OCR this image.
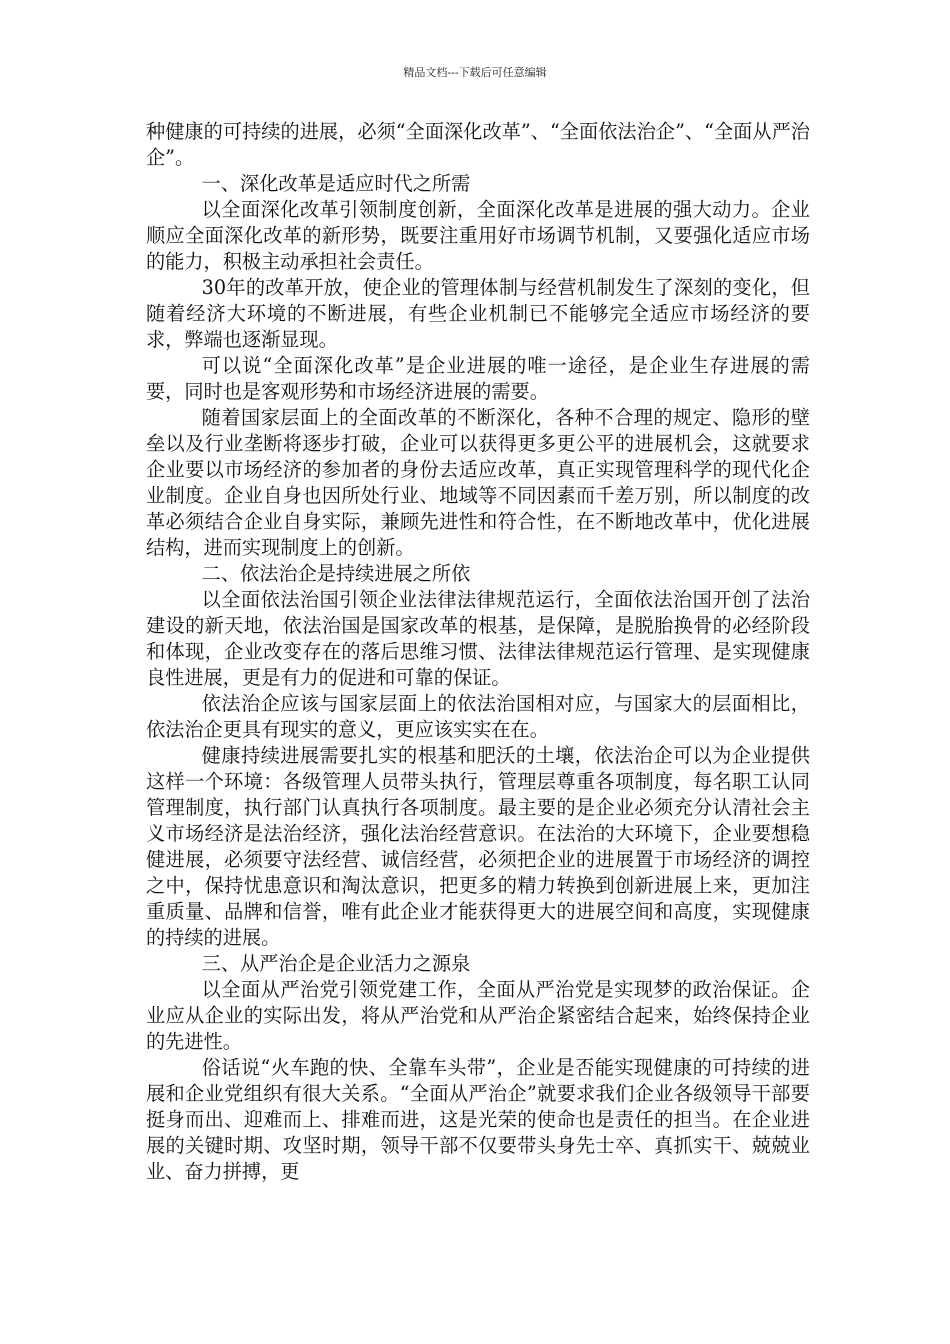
精品文档---下载后可任意编辑

种健康的可持续的进展，必须“全面深化改革”、“全面依法治企”、“全面从严治企”。

一、深化改革是适应时代之所需

以全面深化改革引领制度创新，全面深化改革是进展的强大动力。企业顺应全面深化改革的新形势，既要注重用好市场调节机制，又要强化适应市场的能力，积极主动承担社会责任。

30年的改革开放，使企业的管理体制与经营机制发生了深刻的变化，但随着经济大环境的不断进展，有些企业机制已不能够完全适应市场经济的要求，弊端也逐渐显现。

可以说“全面深化改革”是企业进展的唯一途径，是企业生存进展的需要，同时也是客观形势和市场经济进展的需要。

随着国家层面上的全面改革的不断深化，各种不合理的规定、隐形的壁垒以及行业垄断将逐步打破，企业可以获得更多更公平的进展机会，这就要求企业要以市场经济的参加者的身份去适应改革，真正实现管理科学的现代化企业制度。企业自身也因所处行业、地域等不同因素而千差万别，所以制度的改革必须结合企业自身实际，兼顾先进性和符合性，在不断地改革中，优化进展结构，进而实现制度上的创新。

二、依法治企是持续进展之所依

以全面依法治国引领企业法律法律规范运行，全面依法治国开创了法治建设的新天地，依法治国是国家改革的根基，是保障，是脱胎换骨的必经阶段和体现，企业改变存在的落后思维习惯、法律法律规范运行管理、是实现健康良性进展，更是有力的促进和可靠的保证。

依法治企应该与国家层面上的依法治国相对应，与国家大的层面相比，依法治企更具有现实的意义，更应该实实在在。

健康持续进展需要扎实的根基和肥沃的土壤，依法治企可以为企业提供这样一个环境：各级管理人员带头执行，管理层尊重各项制度，每名职工认同管理制度，执行部门认真执行各项制度。最主要的是企业必须充分认清社会主义市场经济是法治经济，强化法治经营意识。在法治的大环境下，企业要想稳健进展，必须要守法经营、诚信经营，必须把企业的进展置于市场经济的调控之中，保持忧患意识和淘汰意识，把更多的精力转换到创新进展上来，更加注重质量、品牌和信誉，唯有此企业才能获得更大的进展空间和高度，实现健康的持续的进展。

三、从严治企是企业活力之源泉

以全面从严治党引领党建工作，全面从严治党是实现梦的政治保证。企业应从企业的实际出发，将从严治党和从严治企紧密结合起来，始终保持企业的先进性。

俗话说“火车跑的快、全靠车头带”，企业是否能实现健康的可持续的进展和企业党组织有很大关系。“全面从严治企”就要求我们企业各级领导干部要挺身而出、迎难而上、排难而进，这是光荣的使命也是责任的担当。在企业进展的关键时期、攻坚时期，领导干部不仅要带头身先士卒、真抓实干、兢兢业业、奋力拼搏，更
